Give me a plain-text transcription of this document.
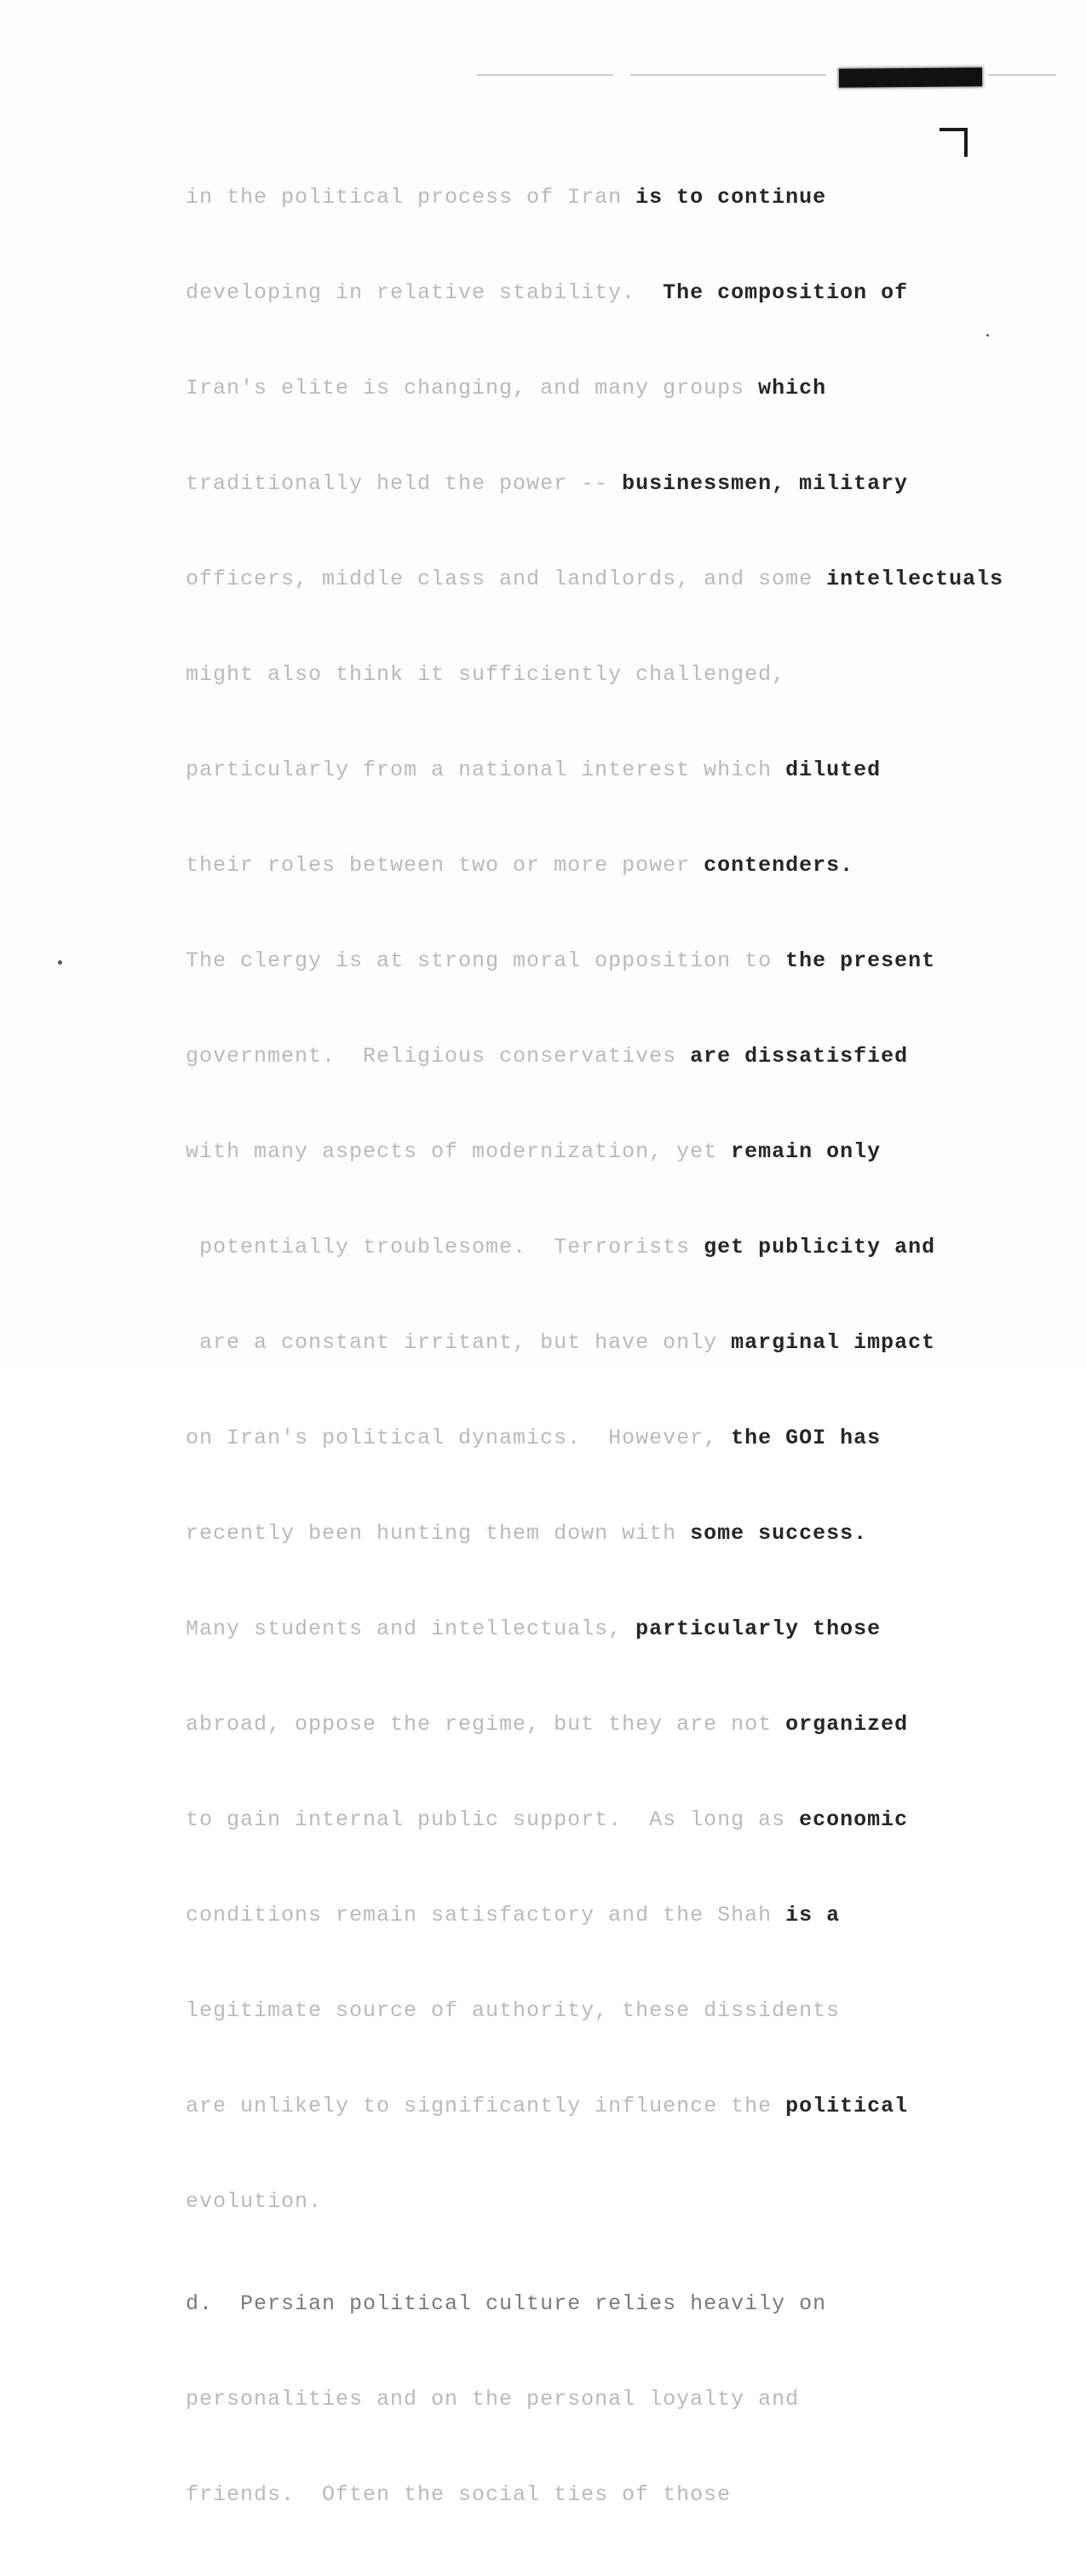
in the political process of Iran is to continue

developing in relative stability.  The composition of

Iran's elite is changing, and many groups which

traditionally held the power -- businessmen, military

officers, middle class and landlords, and some intellectuals

might also think it sufficiently challenged,

particularly from a national interest which diluted

their roles between two or more power contenders.

The clergy is at strong moral opposition to the present

government.  Religious conservatives are dissatisfied

with many aspects of modernization, yet remain only

potentially troublesome.  Terrorists get publicity and

are a constant irritant, but have only marginal impact

on Iran's political dynamics.  However, the GOI has

recently been hunting them down with some success.

Many students and intellectuals, particularly those

abroad, oppose the regime, but they are not organized

to gain internal public support.  As long as economic

conditions remain satisfactory and the Shah is a

legitimate source of authority, these dissidents

are unlikely to significantly influence the political

evolution.

d.  Persian political culture relies heavily on

personalities and on the personal loyalty and

friends.  Often the social ties of those
